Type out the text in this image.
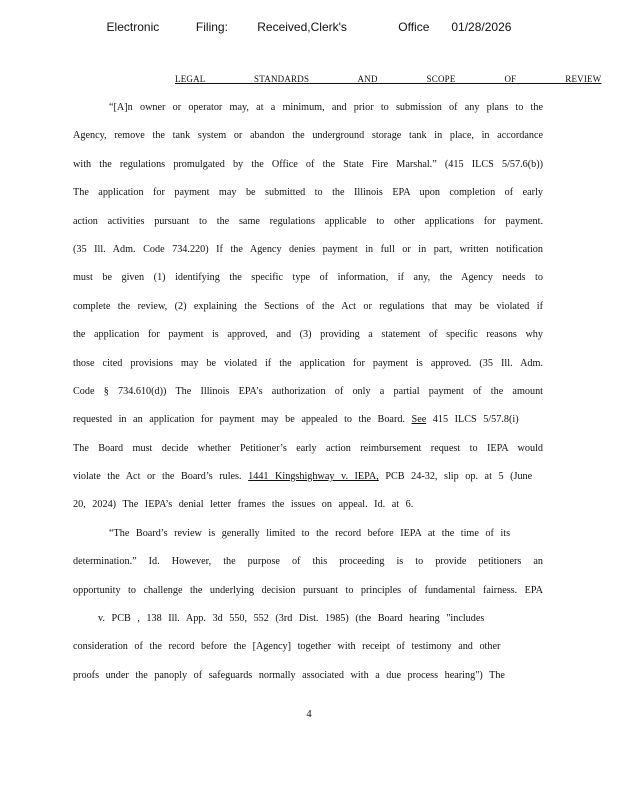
Electronic     Filing:    Received,Clerk's       Office   01/28/2026
LEGAL  STANDARDS  AND  SCOPE  OF  REVIEW
“[A]n owner or operator may, at a minimum, and prior to submission of any plans to the
Agency, remove the tank system or abandon the underground storage tank in place, in accordance
with the regulations promulgated by the Office of the State Fire Marshal.” (415 ILCS 5/57.6(b))
The application for payment may be submitted to the Illinois EPA upon completion of early
action activities pursuant to the same regulations applicable to other applications for payment.
(35 Ill. Adm. Code 734.220) If the Agency denies payment in full or in part, written notification
must be given (1) identifying the specific type of information, if any, the Agency needs to
complete the review, (2) explaining the Sections of the Act or regulations that may be violated if
the application for payment is approved, and (3) providing a statement of specific reasons why
those cited provisions may be violated if the application for payment is approved. (35 Ill. Adm.
Code § 734.610(d)) The Illinois EPA’s authorization of only a partial payment of the amount
requested in an application for payment may be appealed to the Board. See 415 ILCS 5/57.8(i)
The Board must decide whether Petitioner’s early action reimbursement request to IEPA would
violate the Act or the Board’s rules. 1441 Kingshighway v. IEPA, PCB 24-32, slip op. at 5 (June
20, 2024) The IEPA’s denial letter frames the issues on appeal. Id. at 6.
“The Board’s review is generally limited to the record before IEPA at the time of its
determination.” Id. However, the purpose of this proceeding is to provide petitioners an
opportunity to challenge the underlying decision pursuant to principles of fundamental fairness. EPA
v. PCB , 138 Ill. App. 3d 550, 552 (3rd Dist. 1985) (the Board hearing "includes
consideration of the record before the [Agency] together with receipt of testimony and other
proofs under the panoply of safeguards normally associated with a due process hearing") The
4
